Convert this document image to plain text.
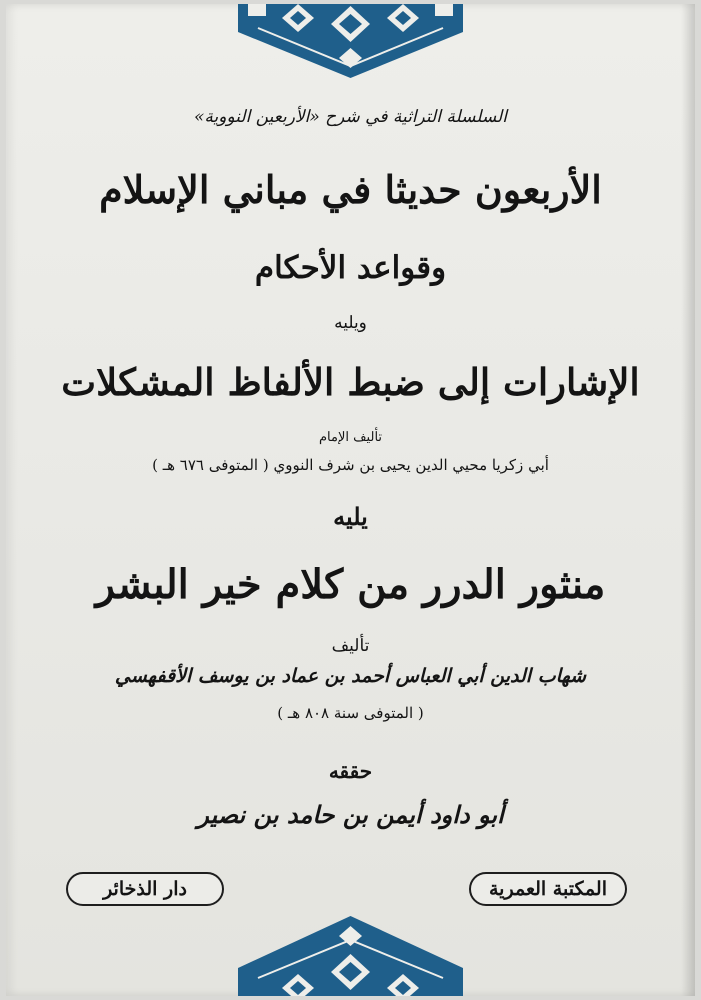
السلسلة التراثية في شرح «الأربعين النووية»

الأربعون حديثا في مباني الإسلام

وقواعد الأحكام

ويليه

الإشارات إلى ضبط الألفاظ المشكلات

تأليف الإمام

أبي زكريا محيي الدين يحيى بن شرف النووي ( المتوفى ٦٧٦ هـ )

يليه

منثور الدرر من كلام خير البشر

تأليف

شهاب الدين أبي العباس أحمد بن عماد بن يوسف الأقفهسي

( المتوفى سنة ٨٠٨ هـ )

حققه

أبو داود أيمن بن حامد بن نصير

دار الذخائر	المكتبة العمرية
